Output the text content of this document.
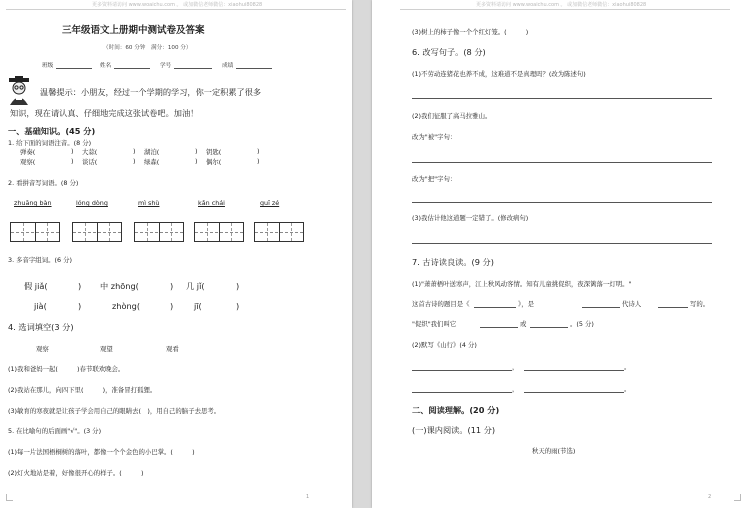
更多资料请访问 www.woaichu.com 。 或加微信老师微信：xiaohui80828
三年级语文上册期中测试卷及答案
（时间：60 分钟　满分：100 分）
班级	姓名	学号	成绩
温馨提示：小朋友，经过一个学期的学习，你一定积累了很多
知识，现在请认真、仔细地完成这张试卷吧。加油！
一、基础知识。(45 分)
1. 给下面的词语注音。(8 分)
弹奏(	) 大蒜(	) 湖泊(	) 钥匙(	)
观察(	) 谈话(	) 绿森(	) 偶尔(	)
2. 看拼音写词语。(8 分)
zhuāng bàn	lóng dòng	mì shù	kǎn chái	guī zé
3. 多音字组词。(6 分)
假 jiǎ(	) 中 zhōng(	) 几 jǐ(	)
jià(	)	zhòng(	)	jī(	)
4. 选词填空(3 分)
观察	观望	观看
(1)我和爸妈一起(　　　)春节联欢晚会。
(2)我站在那儿，向四下里(　　　)，准备冒打狐狸。
(3)敏育的寒夜就是让孩子学会用自己的眼睛去(　)，用自己的脑子去思考。
5. 在比喻句的后面画"√"。(3 分)
(1)每一片法国梧桐树的落叶，都像一个个金色的小巴掌。(　　　)
(2)灯火地站是着，好像很开心的样子。(　　　)
1
更多资料请访问 www.woaichu.com 。 或加微信老师微信：xiaohui80828
(3)树上的柿子像一个个红灯笼。(　　　)
6. 改写句子。(8 分)
(1)不劳动连猪花也养不成，这难道不是真理吗？(改为陈述句)
(2)我们征服了高马拉雅山。
改为"被"字句：
改为"把"字句：
(3)我估计他这道题一定错了。(修改病句)
7. 古诗读良读。(9 分)
(1)"萧萧梧叶送寒声，江上秋风动客情。知有儿童挑促织，夜深篱落一灯明。"
这首古诗的题目是《	》，是	代诗人	写的。
"促织"我们叫它	或	。(5 分)
(2)默写《山行》(4 分)
，	。
，	。
二、阅读理解。(20 分)
(一)课内阅读。(11 分)
秋天的雨(节选)
2
